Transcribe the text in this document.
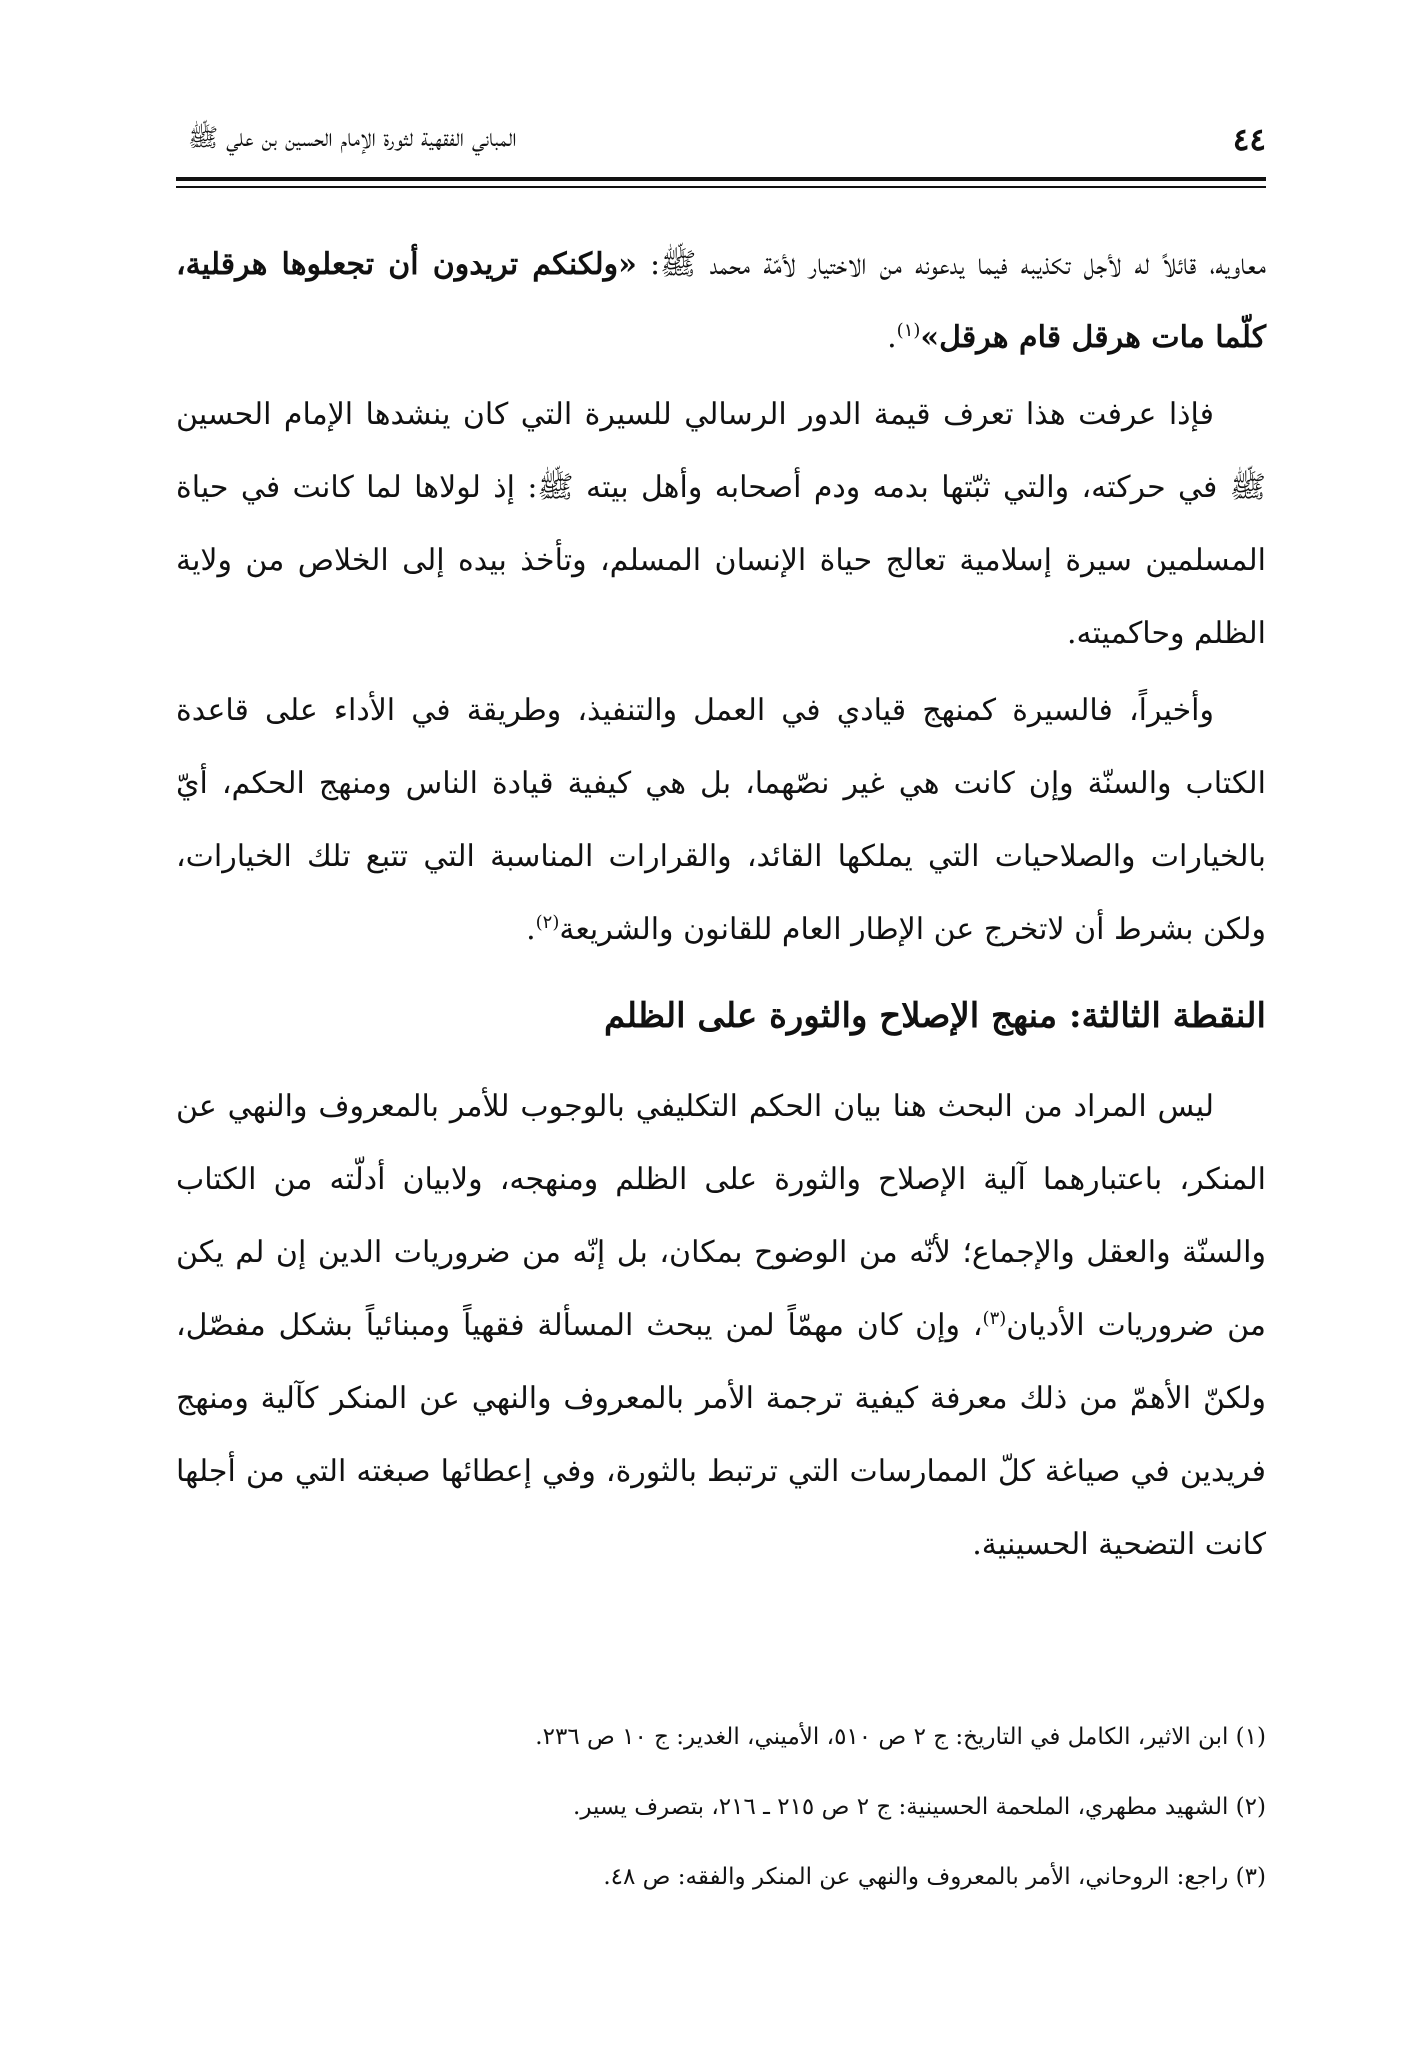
٤٤
المباني الفقهية لثورة الإمام الحسين بن علي ﷺ

معاويه، قائلاً له لأجل تكذيبه فيما يدعونه من الاختيار لأمّة محمد ﷺ: «ولكنكم تريدون أن تجعلوها هرقلية، كلّما مات هرقل قام هرقل»$^{(١)}$.

فإذا عرفت هذا تعرف قيمة الدور الرسالي للسيرة التي كان ينشدها الإمام الحسين ﷺ في حركته، والتي ثبّتها بدمه ودم أصحابه وأهل بيته ﷺ: إذ لولاها لما كانت في حياة المسلمين سيرة إسلامية تعالج حياة الإنسان المسلم، وتأخذ بيده إلى الخلاص من ولاية الظلم وحاكميته.

وأخيراً، فالسيرة كمنهج قيادي في العمل والتنفيذ، وطريقة في الأداء على قاعدة الكتاب والسنّة وإن كانت هي غير نصّهما، بل هي كيفية قيادة الناس ومنهج الحكم، أيّ بالخيارات والصلاحيات التي يملكها القائد، والقرارات المناسبة التي تتبع تلك الخيارات، ولكن بشرط أن لاتخرج عن الإطار العام للقانون والشريعة$^{(٢)}$.

النقطة الثالثة: منهج الإصلاح والثورة على الظلم

ليس المراد من البحث هنا بيان الحكم التكليفي بالوجوب للأمر بالمعروف والنهي عن المنكر، باعتبارهما آلية الإصلاح والثورة على الظلم ومنهجه، ولابيان أدلّته من الكتاب والسنّة والعقل والإجماع؛ لأنّه من الوضوح بمكان، بل إنّه من ضروريات الدين إن لم يكن من ضروريات الأديان$^{(٣)}$، وإن كان مهمّاً لمن يبحث المسألة فقهياً ومبنائياً بشكل مفصّل، ولكنّ الأهمّ من ذلك معرفة كيفية ترجمة الأمر بالمعروف والنهي عن المنكر كآلية ومنهج فريدين في صياغة كلّ الممارسات التي ترتبط بالثورة، وفي إعطائها صبغته التي من أجلها كانت التضحية الحسينية.

(١) ابن الاثير، الكامل في التاريخ: ج ٢ ص ٥١٠، الأميني، الغدير: ج ١٠ ص ٢٣٦.

(٢) الشهيد مطهري، الملحمة الحسينية: ج ٢ ص ٢١٥ ـ ٢١٦، بتصرف يسير.

(٣) راجع: الروحاني، الأمر بالمعروف والنهي عن المنكر والفقه: ص ٤٨.
